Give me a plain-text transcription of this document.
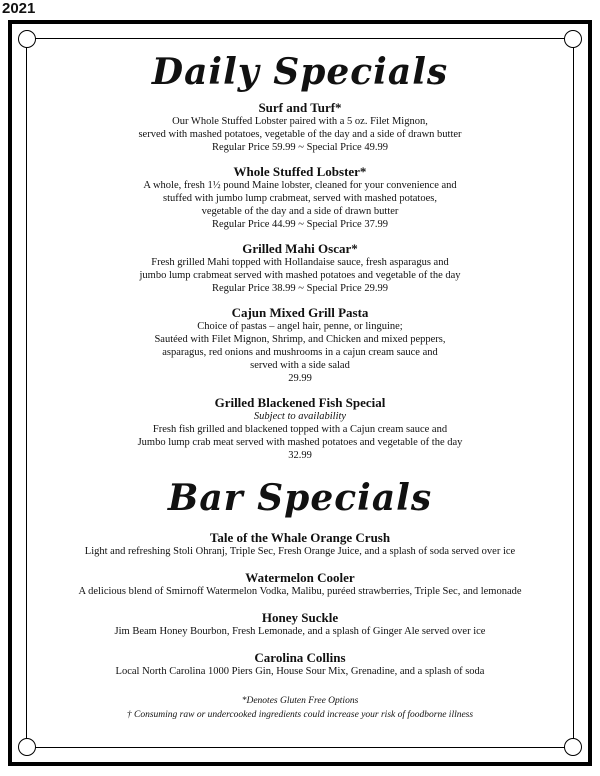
2021
Daily Specials
Surf and Turf*

Our Whole Stuffed Lobster paired with a 5 oz. Filet Mignon,

served with mashed potatoes, vegetable of the day and a side of drawn butter

Regular Price 59.99 ~ Special Price 49.99

Whole Stuffed Lobster*

A whole, fresh 1½ pound Maine lobster, cleaned for your convenience and

stuffed with jumbo lump crabmeat, served with mashed potatoes,

vegetable of the day and a side of drawn butter

Regular Price 44.99 ~ Special Price 37.99

Grilled Mahi Oscar*

Fresh grilled Mahi topped with Hollandaise sauce, fresh asparagus and

jumbo lump crabmeat served with mashed potatoes and vegetable of the day

Regular Price 38.99 ~ Special Price 29.99

Cajun Mixed Grill Pasta

Choice of pastas – angel hair, penne, or linguine;

Sautéed with Filet Mignon, Shrimp, and Chicken and mixed peppers,

asparagus, red onions and mushrooms in a cajun cream sauce and

served with a side salad

29.99

Grilled Blackened Fish Special

Subject to availability

Fresh fish grilled and blackened topped with a Cajun cream sauce and

Jumbo lump crab meat served with mashed potatoes and vegetable of the day

32.99

Bar Specials
Tale of the Whale Orange Crush

Light and refreshing Stoli Ohranj, Triple Sec, Fresh Orange Juice, and a splash of soda served over ice

Watermelon Cooler

A delicious blend of Smirnoff Watermelon Vodka, Malibu, puréed strawberries, Triple Sec, and lemonade

Honey Suckle

Jim Beam Honey Bourbon, Fresh Lemonade, and a splash of Ginger Ale served over ice

Carolina Collins

Local North Carolina 1000 Piers Gin, House Sour Mix, Grenadine, and a splash of soda

*Denotes Gluten Free Options
† Consuming raw or undercooked ingredients could increase your risk of foodborne illness
